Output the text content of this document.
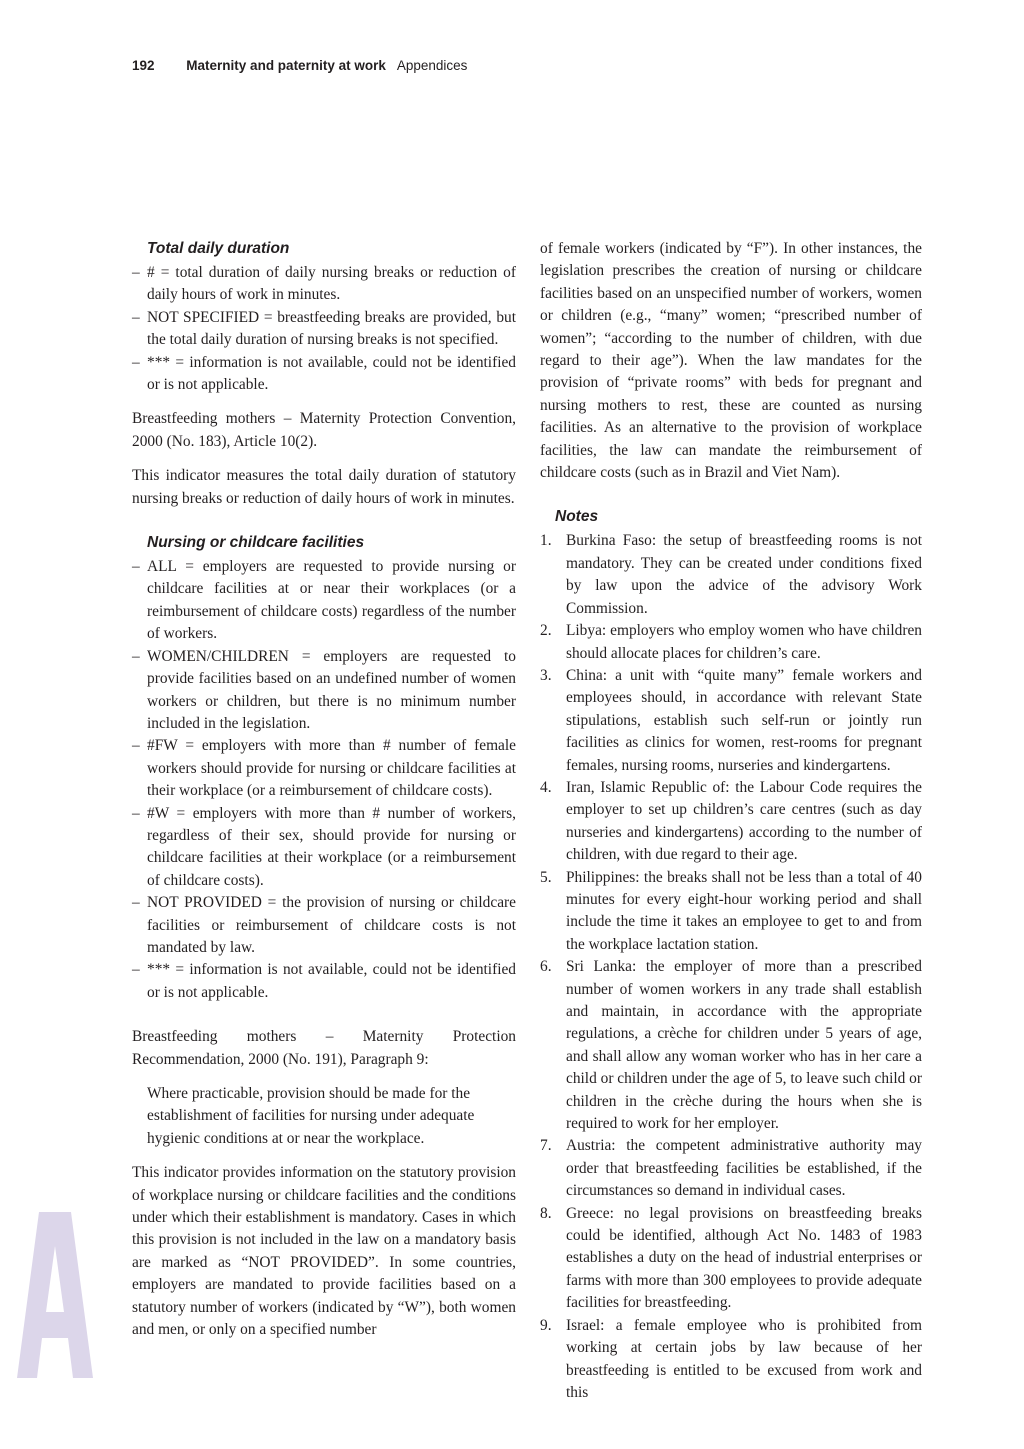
192 Maternity and paternity at work Appendices
Total daily duration
– # = total duration of daily nursing breaks or reduction of daily hours of work in minutes.
– NOT SPECIFIED = breastfeeding breaks are provided, but the total daily duration of nursing breaks is not specified.
– *** = information is not available, could not be identified or is not applicable.

Breastfeeding mothers – Maternity Protection Convention, 2000 (No. 183), Article 10(2).

This indicator measures the total daily duration of statutory nursing breaks or reduction of daily hours of work in minutes.

Nursing or childcare facilities
– ALL = employers are requested to provide nursing or childcare facilities at or near their workplaces (or a reimbursement of childcare costs) regardless of the number of workers.
– WOMEN/CHILDREN = employers are requested to provide facilities based on an undefined number of women workers or children, but there is no minimum number included in the legislation.
– #FW = employers with more than # number of female workers should provide for nursing or childcare facilities at their workplace (or a reimbursement of childcare costs).
– #W = employers with more than # number of workers, regardless of their sex, should provide for nursing or childcare facilities at their workplace (or a reimbursement of childcare costs).
– NOT PROVIDED = the provision of nursing or childcare facilities or reimbursement of childcare costs is not mandated by law.
– *** = information is not available, could not be identified or is not applicable.

Breastfeeding mothers – Maternity Protection Recommendation, 2000 (No. 191), Paragraph 9:

Where practicable, provision should be made for the establishment of facilities for nursing under adequate hygienic conditions at or near the workplace.

This indicator provides information on the statutory provision of workplace nursing or childcare facilities and the conditions under which their establishment is mandatory. Cases in which this provision is not included in the law on a mandatory basis are marked as “NOT PROVIDED”. In some countries, employers are mandated to provide facilities based on a statutory number of workers (indicated by “W”), both women and men, or only on a specified number

of female workers (indicated by “F”). In other instances, the legislation prescribes the creation of nursing or childcare facilities based on an unspecified number of workers, women or children (e.g., “many” women; “prescribed number of women”; “according to the number of children, with due regard to their age”). When the law mandates for the provision of “private rooms” with beds for pregnant and nursing mothers to rest, these are counted as nursing facilities. As an alternative to the provision of workplace facilities, the law can mandate the reimbursement of childcare costs (such as in Brazil and Viet Nam).

Notes
1. Burkina Faso: the setup of breastfeeding rooms is not mandatory. They can be created under conditions fixed by law upon the advice of the advisory Work Commission.
2. Libya: employers who employ women who have children should allocate places for children’s care.
3. China: a unit with “quite many” female workers and employees should, in accordance with relevant State stipulations, establish such self-run or jointly run facilities as clinics for women, rest-rooms for pregnant females, nursing rooms, nurseries and kindergartens.
4. Iran, Islamic Republic of: the Labour Code requires the employer to set up children’s care centres (such as day nurseries and kindergartens) according to the number of children, with due regard to their age.
5. Philippines: the breaks shall not be less than a total of 40 minutes for every eight-hour working period and shall include the time it takes an employee to get to and from the workplace lactation station.
6. Sri Lanka: the employer of more than a prescribed number of women workers in any trade shall establish and maintain, in accordance with the appropriate regulations, a crèche for children under 5 years of age, and shall allow any woman worker who has in her care a child or children under the age of 5, to leave such child or children in the crèche during the hours when she is required to work for her employer.
7. Austria: the competent administrative authority may order that breastfeeding facilities be established, if the circumstances so demand in individual cases.
8. Greece: no legal provisions on breastfeeding breaks could be identified, although Act No. 1483 of 1983 establishes a duty on the head of industrial enterprises or farms with more than 300 employees to provide adequate facilities for breastfeeding.
9. Israel: a female employee who is prohibited from working at certain jobs by law because of her breastfeeding is entitled to be excused from work and this
